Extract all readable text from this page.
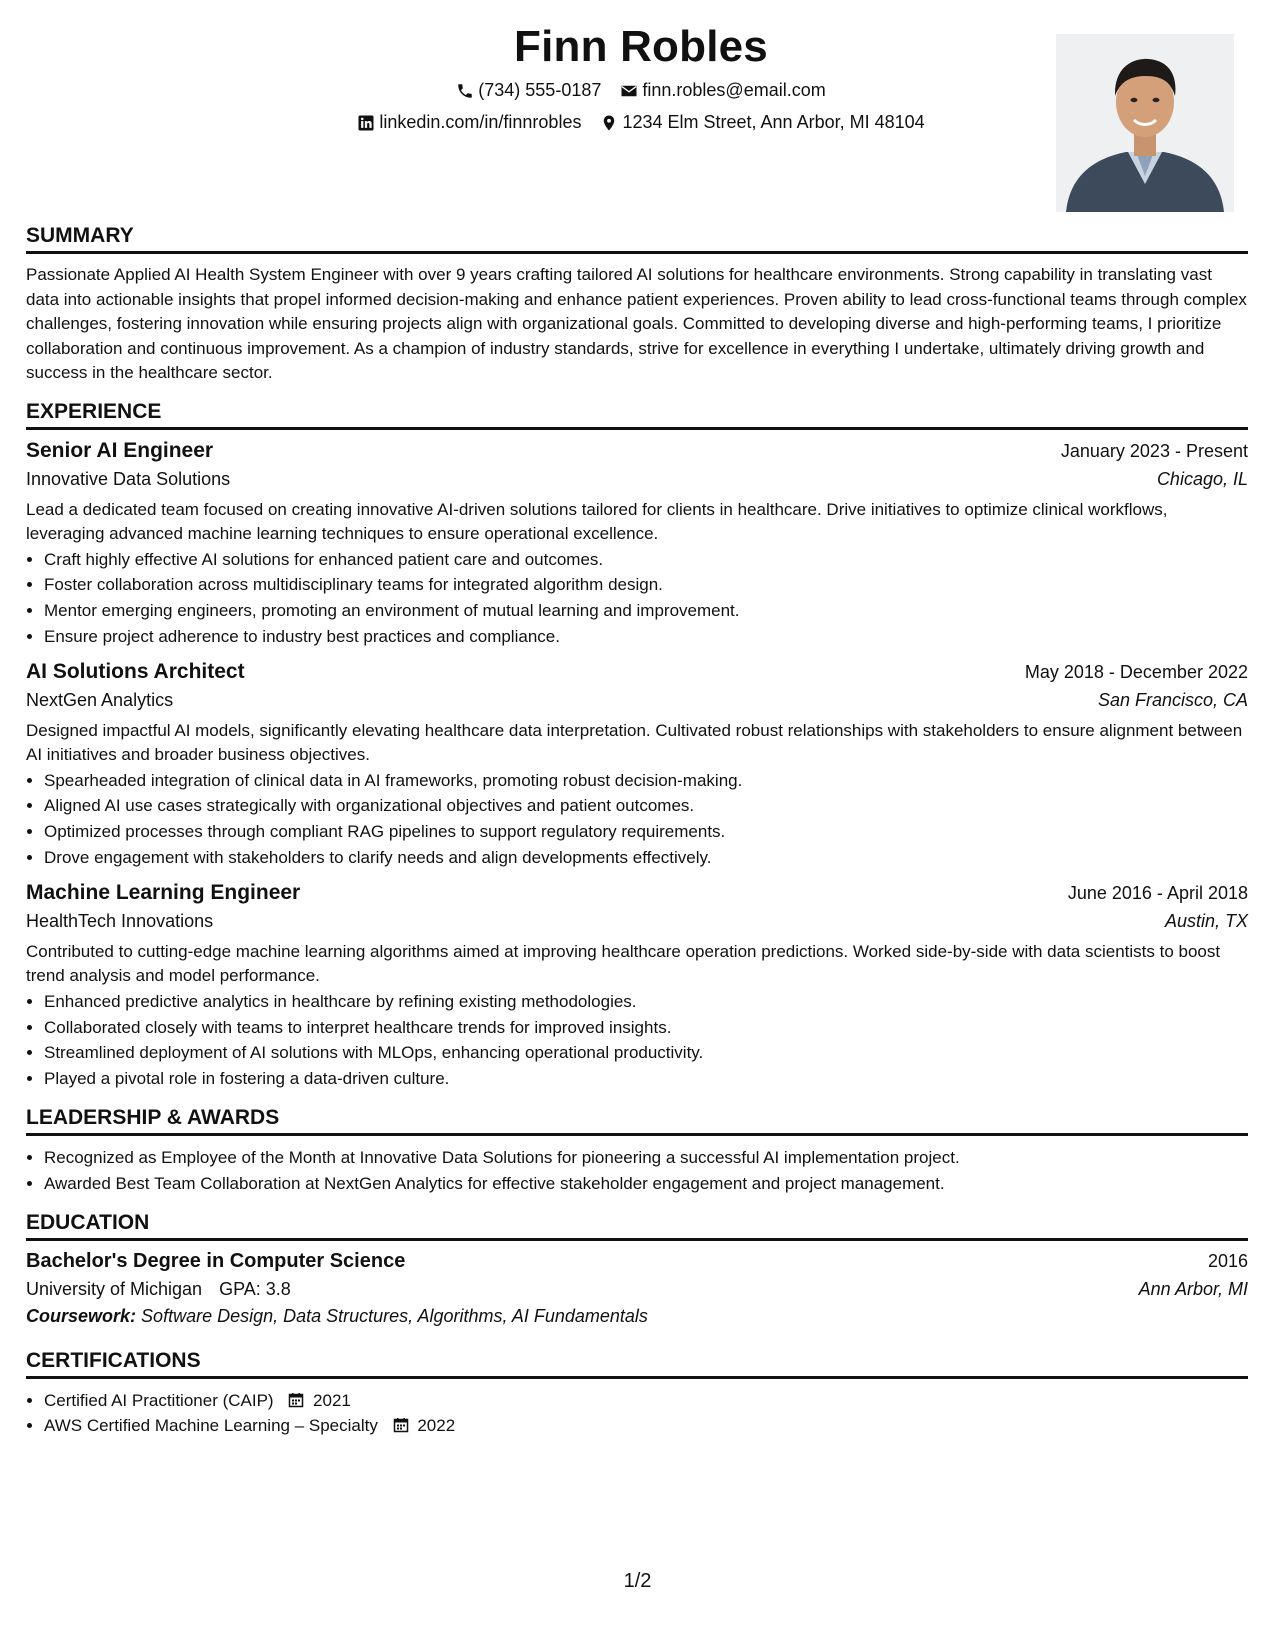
Finn Robles
(734) 555-0187
finn.robles@email.com
linkedin.com/in/finnrobles
1234 Elm Street, Ann Arbor, MI 48104
SUMMARY

Passionate Applied AI Health System Engineer with over 9 years crafting tailored AI solutions for healthcare environments. Strong capability in translating vast data into actionable insights that propel informed decision-making and enhance patient experiences. Proven ability to lead cross-functional teams through complex challenges, fostering innovation while ensuring projects align with organizational goals. Committed to developing diverse and high-performing teams, I prioritize collaboration and continuous improvement. As a champion of industry standards, strive for excellence in everything I undertake, ultimately driving growth and success in the healthcare sector.

EXPERIENCE
Senior AI Engineer	January 2023 - Present
Innovative Data Solutions	Chicago, IL

Lead a dedicated team focused on creating innovative AI-driven solutions tailored for clients in healthcare. Drive initiatives to optimize clinical workflows, leveraging advanced machine learning techniques to ensure operational excellence.

• Craft highly effective AI solutions for enhanced patient care and outcomes.
• Foster collaboration across multidisciplinary teams for integrated algorithm design.
• Mentor emerging engineers, promoting an environment of mutual learning and improvement.
• Ensure project adherence to industry best practices and compliance.
AI Solutions Architect	May 2018 - December 2022
NextGen Analytics	San Francisco, CA

Designed impactful AI models, significantly elevating healthcare data interpretation. Cultivated robust relationships with stakeholders to ensure alignment between AI initiatives and broader business objectives.

• Spearheaded integration of clinical data in AI frameworks, promoting robust decision-making.
• Aligned AI use cases strategically with organizational objectives and patient outcomes.
• Optimized processes through compliant RAG pipelines to support regulatory requirements.
• Drove engagement with stakeholders to clarify needs and align developments effectively.
Machine Learning Engineer	June 2016 - April 2018
HealthTech Innovations	Austin, TX

Contributed to cutting-edge machine learning algorithms aimed at improving healthcare operation predictions. Worked side-by-side with data scientists to boost trend analysis and model performance.

• Enhanced predictive analytics in healthcare by refining existing methodologies.
• Collaborated closely with teams to interpret healthcare trends for improved insights.
• Streamlined deployment of AI solutions with MLOps, enhancing operational productivity.
• Played a pivotal role in fostering a data-driven culture.
LEADERSHIP & AWARDS
• Recognized as Employee of the Month at Innovative Data Solutions for pioneering a successful AI implementation project.
• Awarded Best Team Collaboration at NextGen Analytics for effective stakeholder engagement and project management.
EDUCATION
Bachelor's Degree in Computer Science	2016
University of Michigan GPA: 3.8	Ann Arbor, MI
Coursework: Software Design, Data Structures, Algorithms, AI Fundamentals
CERTIFICATIONS
• Certified AI Practitioner (CAIP) 2021
• AWS Certified Machine Learning – Specialty 2022
1/2
